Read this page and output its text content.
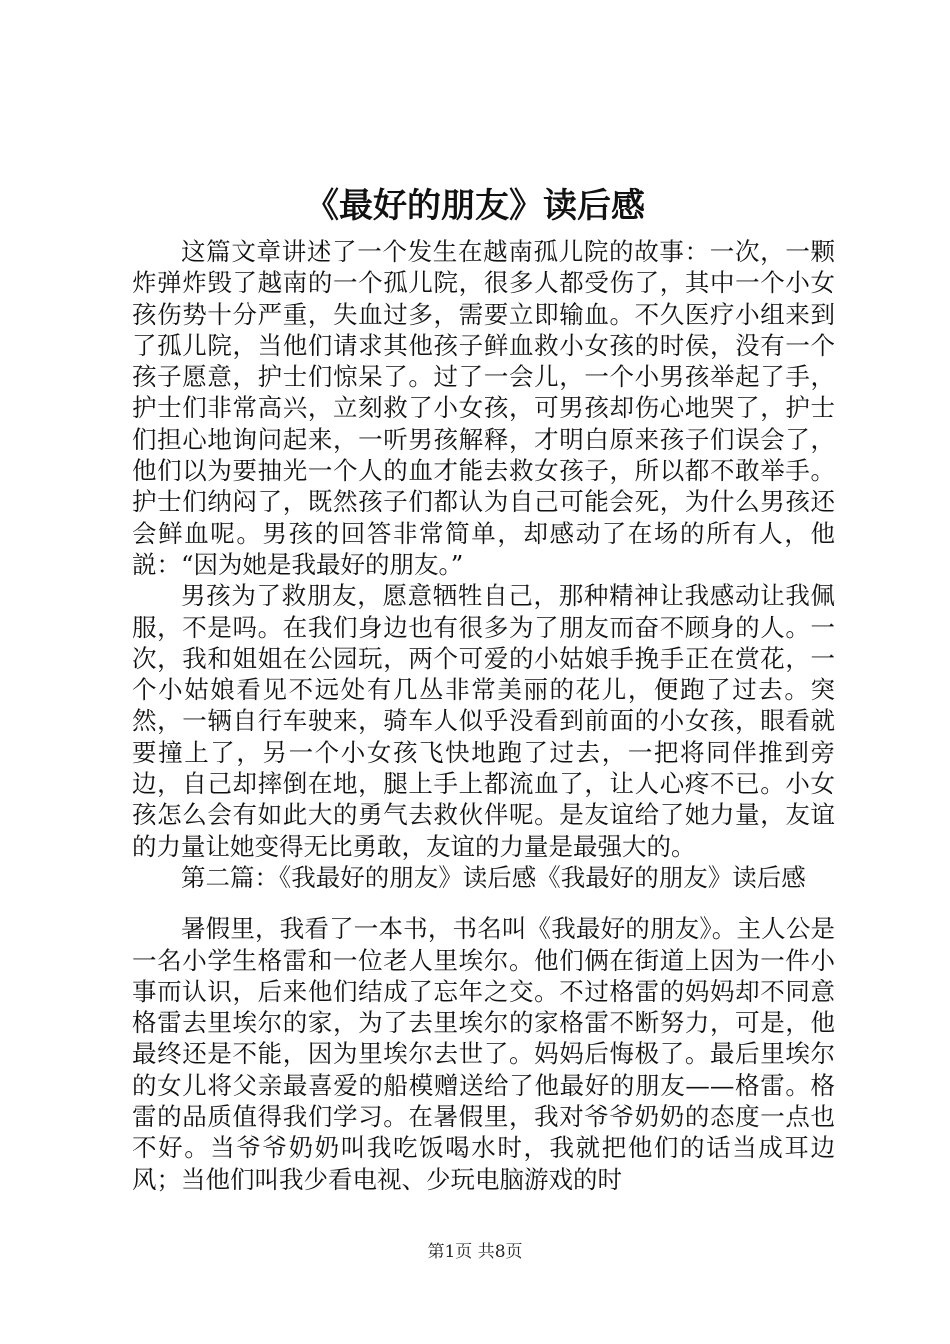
《最好的朋友》读后感

这篇文章讲述了一个发生在越南孤儿院的故事：一次，一颗炸弹炸毁了越南的一个孤儿院，很多人都受伤了，其中一个小女孩伤势十分严重，失血过多，需要立即输血。不久医疗小组来到了孤儿院，当他们请求其他孩子鲜血救小女孩的时侯，没有一个孩子愿意，护士们惊呆了。过了一会儿，一个小男孩举起了手，护士们非常高兴，立刻救了小女孩，可男孩却伤心地哭了，护士们担心地询问起来，一听男孩解释，才明白原来孩子们误会了，他们以为要抽光一个人的血才能去救女孩子，所以都不敢举手。护士们纳闷了，既然孩子们都认为自己可能会死，为什么男孩还会鲜血呢。男孩的回答非常简单，却感动了在场的所有人，他説：“因为她是我最好的朋友。”

男孩为了救朋友，愿意牺牲自己，那种精神让我感动让我佩服，不是吗。在我们身边也有很多为了朋友而奋不顾身的人。一次，我和姐姐在公园玩，两个可爱的小姑娘手挽手正在赏花，一个小姑娘看见不远处有几丛非常美丽的花儿，便跑了过去。突然，一辆自行车驶来，骑车人似乎没看到前面的小女孩，眼看就要撞上了，另一个小女孩飞快地跑了过去，一把将同伴推到旁边，自己却摔倒在地，腿上手上都流血了，让人心疼不已。小女孩怎么会有如此大的勇气去救伙伴呢。是友谊给了她力量，友谊的力量让她变得无比勇敢，友谊的力量是最强大的。

第二篇：《我最好的朋友》读后感《我最好的朋友》读后感

暑假里，我看了一本书，书名叫《我最好的朋友》。主人公是一名小学生格雷和一位老人里埃尔。他们俩在街道上因为一件小事而认识，后来他们结成了忘年之交。不过格雷的妈妈却不同意格雷去里埃尔的家，为了去里埃尔的家格雷不断努力，可是，他最终还是不能，因为里埃尔去世了。妈妈后悔极了。最后里埃尔的女儿将父亲最喜爱的船模赠送给了他最好的朋友——格雷。格雷的品质值得我们学习。在暑假里，我对爷爷奶奶的态度一点也不好。当爷爷奶奶叫我吃饭喝水时，我就把他们的话当成耳边风；当他们叫我少看电视、少玩电脑游戏的时

第1页 共8页
